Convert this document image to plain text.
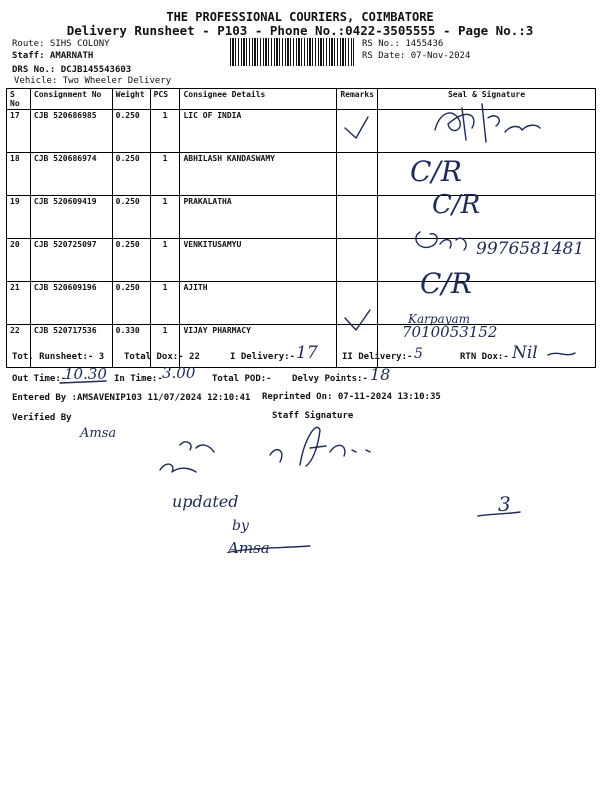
THE PROFESSIONAL COURIERS, COIMBATORE
Delivery Runsheet - P103 - Phone No.:0422-3505555 - Page No.:3
Route: SIHS COLONY
Staff: AMARNATH
DRS No.: DCJB145543603
Vehicle: Two Wheeler Delivery
RS No.: 1455436
RS Date: 07-Nov-2024
S No	Consignment No	Weight	PCS	Consignee Details	Remarks	Seal & Signature
17	CJB 520686985	0.250	1	LIC OF INDIA		
18	CJB 520686974	0.250	1	ABHILASH KANDASWAMY		
19	CJB 520609419	0.250	1	PRAKALATHA		
20	CJB 520725097	0.250	1	VENKITUSAMYU		
21	CJB 520609196	0.250	1	AJITH		
22	CJB 520717536	0.330	1	VIJAY PHARMACY		
Tot. Runsheet:- 3 Total Dox:- 22	I Delivery:- 17	II Delivery:- 5	RTN Dox:- Nil
Out Time:-
10.30 In Time:- 3.00 Total POD:- Delvy Points:- 18
Entered By :AMSAVENIP103 11/07/2024 12:10:41 Reprinted On: 07-11-2024 13:10:35
Verified By	Staff Signature
C/R
C/R
9976581481
C/R
Karpayam
7010053152
Amsa
updated
by
Amsa
3
